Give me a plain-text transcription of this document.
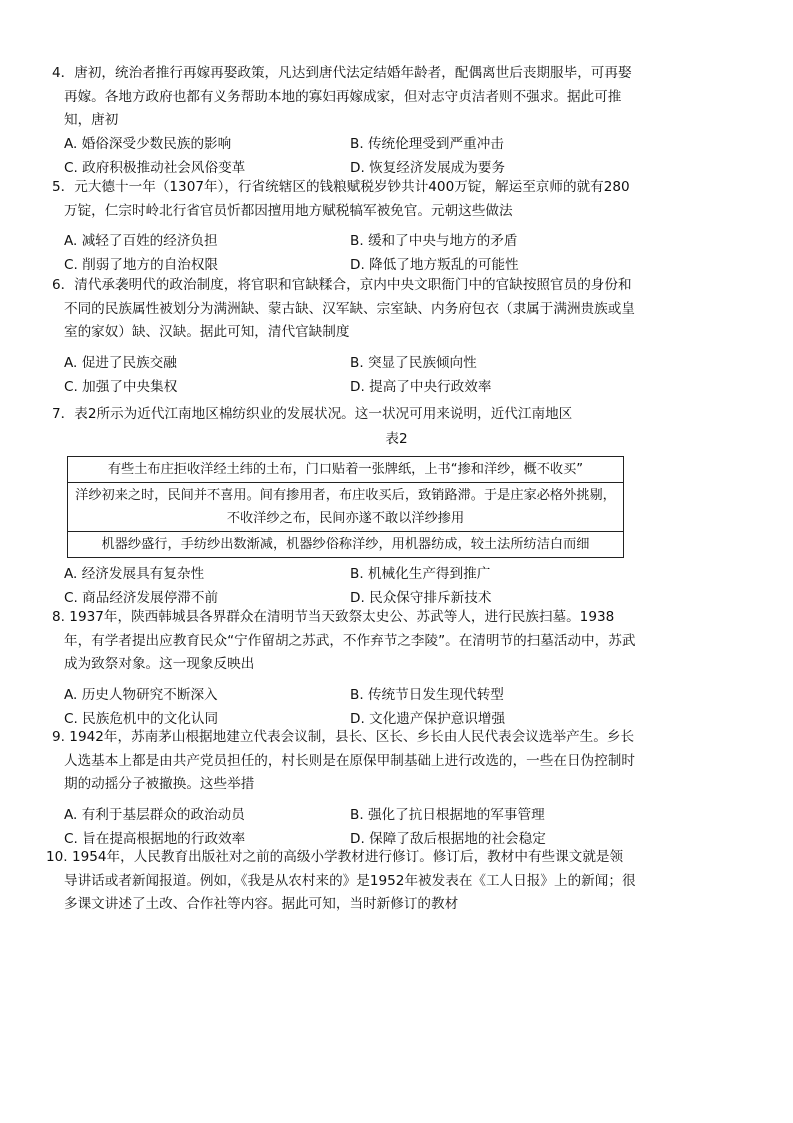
4．唐初，统治者推行再嫁再娶政策，凡达到唐代法定结婚年龄者，配偶离世后丧期服毕，可再娶再嫁。各地方政府也都有义务帮助本地的寡妇再嫁成家，但对志守贞洁者则不强求。据此可推知，唐初

A. 婚俗深受少数民族的影响	B. 传统伦理受到严重冲击
C. 政府积极推动社会风俗变革	D. 恢复经济发展成为要务

5．元大德十一年（1307年），行省统辖区的钱粮赋税岁钞共计400万锭，解运至京师的就有280万锭，仁宗时岭北行省官员忻都因擅用地方赋税犒军被免官。元朝这些做法

A. 减轻了百姓的经济负担	B. 缓和了中央与地方的矛盾
C. 削弱了地方的自治权限	D. 降低了地方叛乱的可能性

6．清代承袭明代的政治制度，将官职和官缺糅合，京内中央文职衙门中的官缺按照官员的身份和不同的民族属性被划分为满洲缺、蒙古缺、汉军缺、宗室缺、内务府包衣（隶属于满洲贵族或皇室的家奴）缺、汉缺。据此可知，清代官缺制度

A. 促进了民族交融	B. 突显了民族倾向性
C. 加强了中央集权	D. 提高了中央行政效率

7．表2所示为近代江南地区棉纺织业的发展状况。这一状况可用来说明，近代江南地区

表2
有些土布庄拒收洋经土纬的土布，门口贴着一张牌纸，上书“掺和洋纱，概不收买”
洋纱初来之时，民间并不喜用。间有掺用者，布庄收买后，致销路滞。于是庄家必格外挑剔，不收洋纱之布，民间亦遂不敢以洋纱掺用
机器纱盛行，手纺纱出数渐减，机器纱俗称洋纱，用机器纺成，较土法所纺洁白而细
A. 经济发展具有复杂性	B. 机械化生产得到推广
C. 商品经济发展停滞不前	D. 民众保守排斥新技术

8. 1937年，陕西韩城县各界群众在清明节当天致祭太史公、苏武等人，进行民族扫墓。1938年，有学者提出应教育民众“宁作留胡之苏武，不作弃节之李陵”。在清明节的扫墓活动中，苏武成为致祭对象。这一现象反映出

A. 历史人物研究不断深入	B. 传统节日发生现代转型
C. 民族危机中的文化认同	D. 文化遗产保护意识增强

9. 1942年，苏南茅山根据地建立代表会议制，县长、区长、乡长由人民代表会议选举产生。乡长人选基本上都是由共产党员担任的，村长则是在原保甲制基础上进行改选的，一些在日伪控制时期的动摇分子被撤换。这些举措

A. 有利于基层群众的政治动员	B. 强化了抗日根据地的军事管理
C. 旨在提高根据地的行政效率	D. 保障了敌后根据地的社会稳定

10. 1954年，人民教育出版社对之前的高级小学教材进行修订。修订后，教材中有些课文就是领导讲话或者新闻报道。例如，《我是从农村来的》是1952年被发表在《工人日报》上的新闻；很多课文讲述了土改、合作社等内容。据此可知，当时新修订的教材
